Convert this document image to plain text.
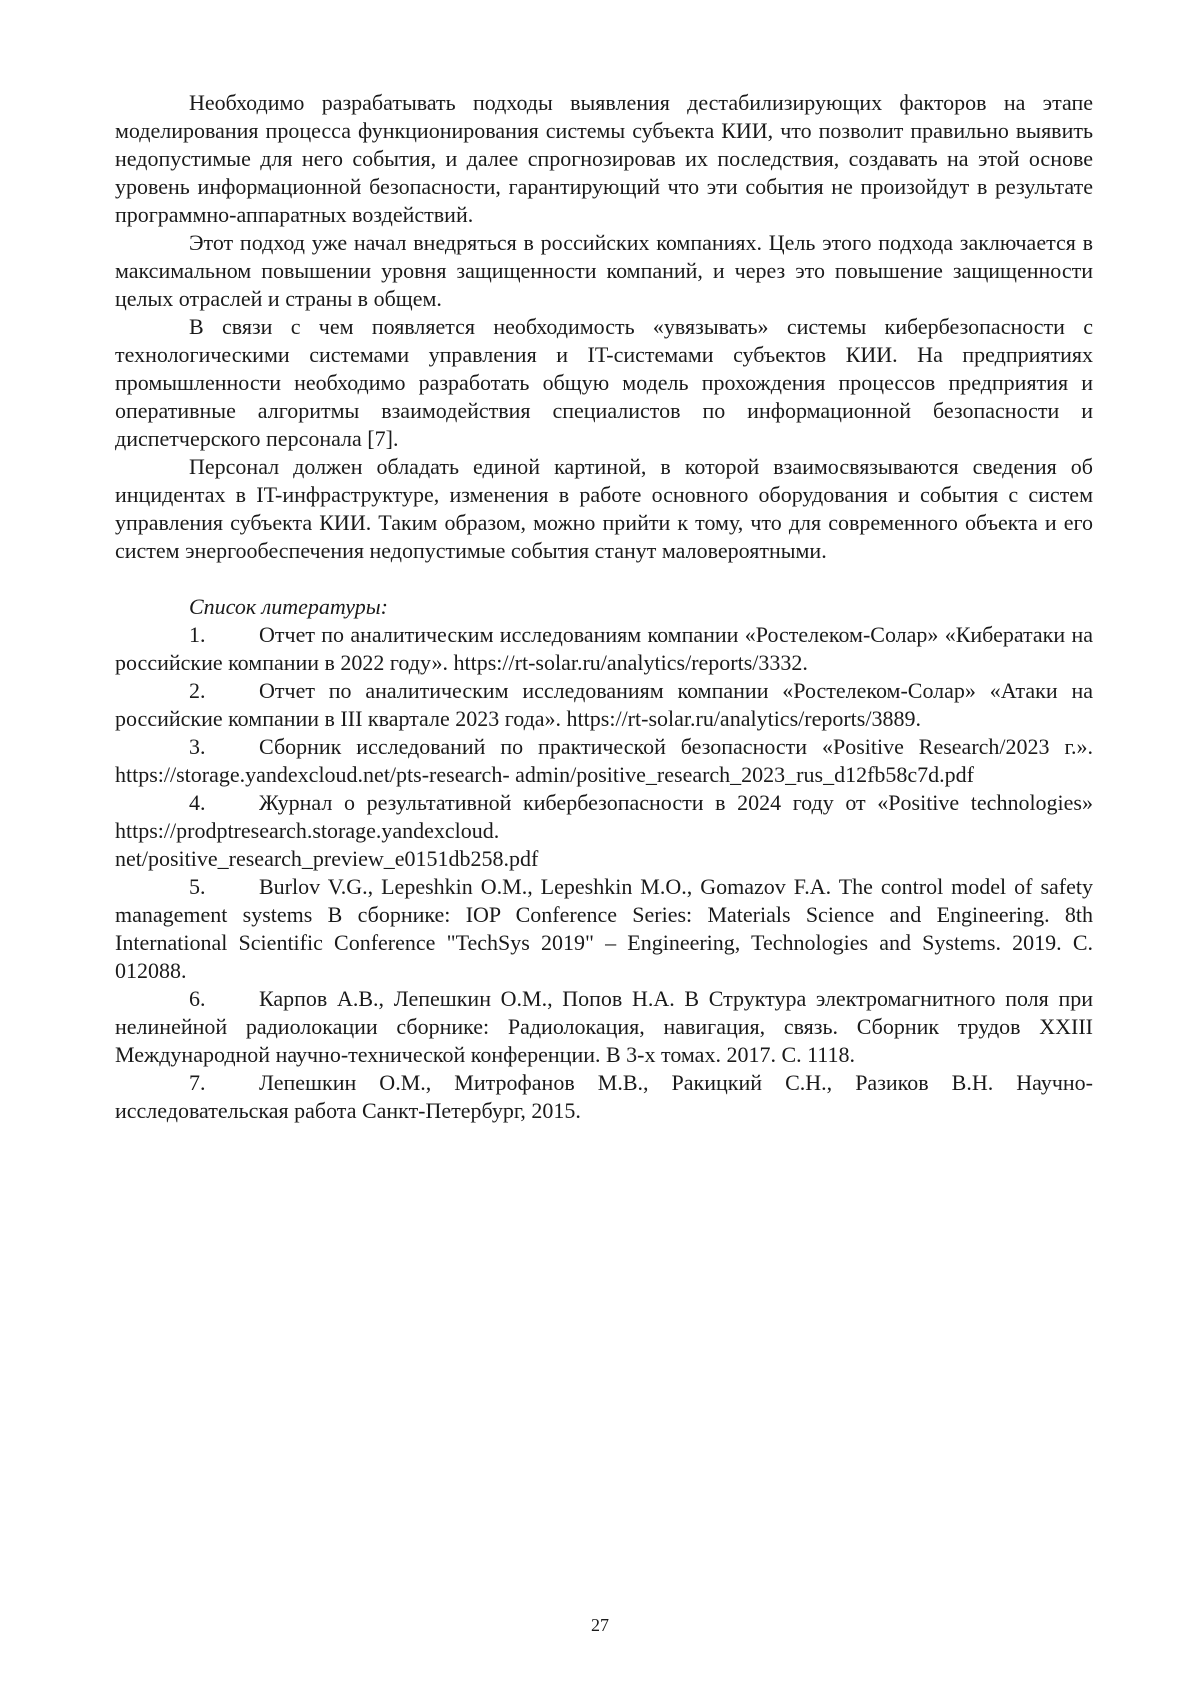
Необходимо разрабатывать подходы выявления дестабилизирующих факторов на этапе моделирования процесса функционирования системы субъекта КИИ, что позволит правильно выявить недопустимые для него события, и далее спрогнозировав их последствия, создавать на этой основе уровень информационной безопасности, гарантирующий что эти события не произойдут в результате программно-аппаратных воздействий.

Этот подход уже начал внедряться в российских компаниях. Цель этого подхода заключается в максимальном повышении уровня защищенности компаний, и через это повышение защищенности целых отраслей и страны в общем.

В связи с чем появляется необходимость «увязывать» системы кибербезопасности с технологическими системами управления и IT-системами субъектов КИИ. На предприятиях промышленности необходимо разработать общую модель прохождения процессов предприятия и оперативные алгоритмы взаимодействия специалистов по информационной безопасности и диспетчерского персонала [7].

Персонал должен обладать единой картиной, в которой взаимосвязываются сведения об инцидентах в IT-инфраструктуре, изменения в работе основного оборудования и события с систем управления субъекта КИИ. Таким образом, можно прийти к тому, что для современного объекта и его систем энергообеспечения недопустимые события станут маловероятными.

Список литературы:
1. Отчет по аналитическим исследованиям компании «Ростелеком-Солар» «Кибератаки на российские компании в 2022 году». https://rt-solar.ru/analytics/reports/3332.
2. Отчет по аналитическим исследованиям компании «Ростелеком-Солар» «Атаки на российские компании в III квартале 2023 года». https://rt-solar.ru/analytics/reports/3889.
3. Сборник исследований по практической безопасности «Positive Research/2023 г.». https://storage.yandexcloud.net/pts-research- admin/positive_research_2023_rus_d12fb58c7d.pdf
4. Журнал о результативной кибербезопасности в 2024 году от «Positive technologies» https://prodptresearch.storage.yandexcloud.
net/positive_research_preview_e0151db258.pdf
5. Burlov V.G., Lepeshkin O.M., Lepeshkin M.O., Gomazov F.A. The control model of safety management systems В сборнике: IOP Conference Series: Materials Science and Engineering. 8th International Scientific Conference "TechSys 2019" – Engineering, Technologies and Systems. 2019. С. 012088.
6. Карпов А.В., Лепешкин О.М., Попов Н.А. В Структура электромагнитного поля при нелинейной радиолокации сборнике: Радиолокация, навигация, связь. Сборник трудов XXIII Международной научно-технической конференции. В 3-х томах. 2017. С. 1118.
7. Лепешкин О.М., Митрофанов М.В., Ракицкий С.Н., Разиков В.Н. Научно-исследовательская работа Санкт-Петербург, 2015.
27
